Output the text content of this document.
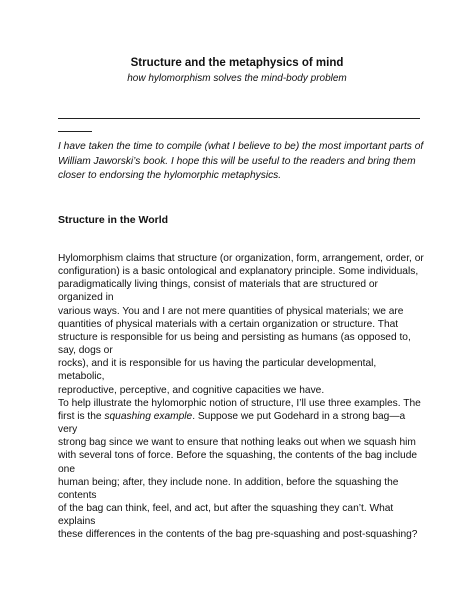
Structure and the metaphysics of mind
how hylomorphism solves the mind-body problem
I have taken the time to compile (what I believe to be) the most important parts of
William Jaworski’s book. I hope this will be useful to the readers and bring them
closer to endorsing the hylomorphic metaphysics.
Structure in the World
Hylomorphism claims that structure (or organization, form, arrangement, order, or
configuration) is a basic ontological and explanatory principle. Some individuals,
paradigmatically living things, consist of materials that are structured or
organized in
various ways. You and I are not mere quantities of physical materials; we are
quantities of physical materials with a certain organization or structure. That
structure is responsible for us being and persisting as humans (as opposed to,
say, dogs or
rocks), and it is responsible for us having the particular developmental,
metabolic,
reproductive, perceptive, and cognitive capacities we have.
To help illustrate the hylomorphic notion of structure, I’ll use three examples. The
first is the squashing example. Suppose we put Godehard in a strong bag—a
very
strong bag since we want to ensure that nothing leaks out when we squash him
with several tons of force. Before the squashing, the contents of the bag include
one
human being; after, they include none. In addition, before the squashing the
contents
of the bag can think, feel, and act, but after the squashing they can’t. What
explains
these differences in the contents of the bag pre-squashing and post-squashing?
